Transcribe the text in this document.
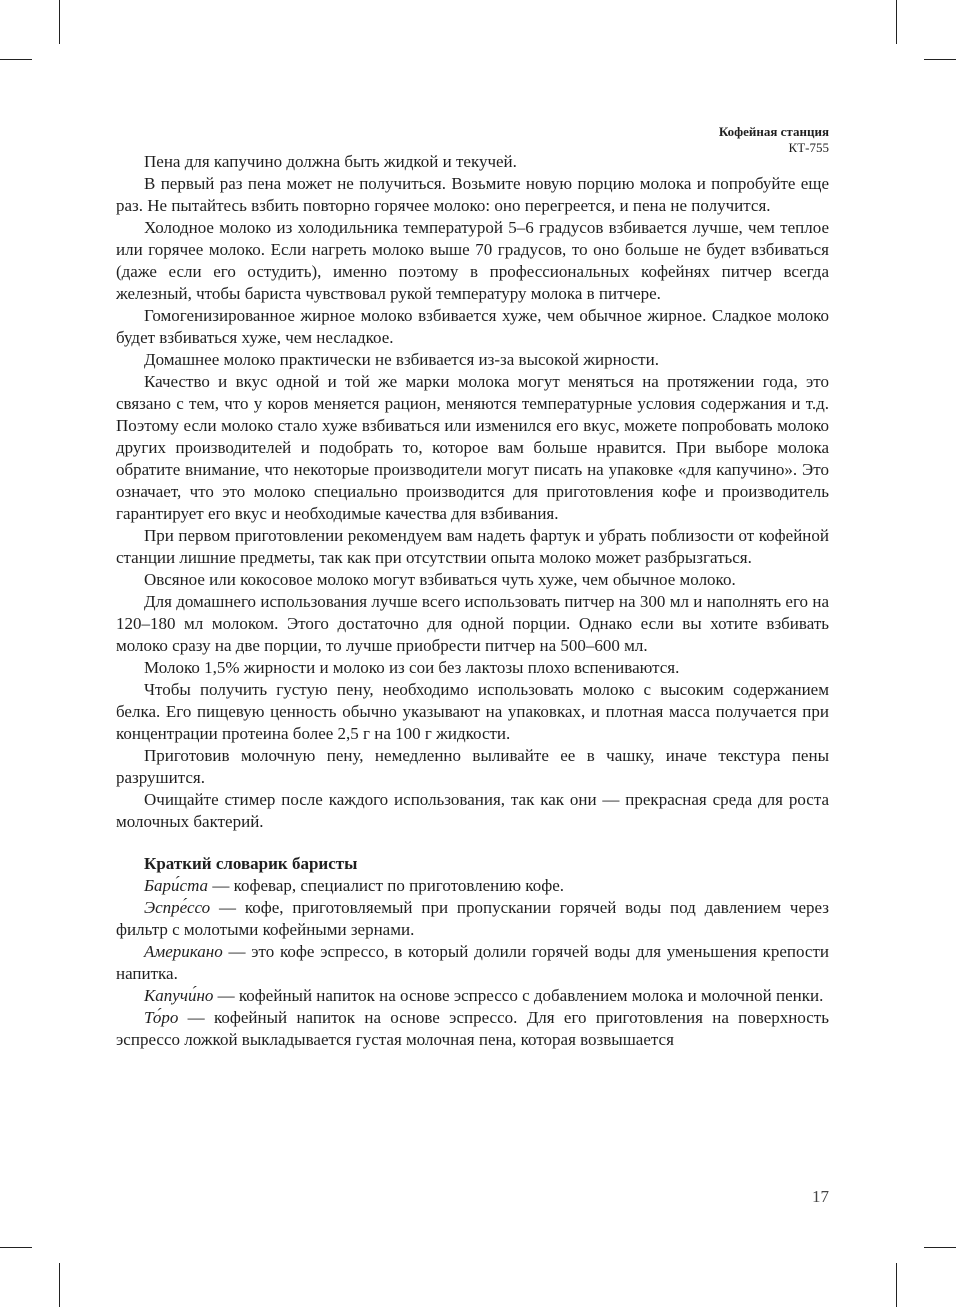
Кофейная станция
КТ-755

Пена для капучино должна быть жидкой и текучей.

В первый раз пена может не получиться. Возьмите новую порцию молока и попробуйте еще раз. Не пытайтесь взбить повторно горячее молоко: оно перегреется, и пена не получится.

Холодное молоко из холодильника температурой 5–6 градусов взбивается лучше, чем теплое или горячее молоко. Если нагреть молоко выше 70 градусов, то оно больше не будет взбиваться (даже если его остудить), именно поэтому в профессиональных кофейнях питчер всегда железный, чтобы бариста чувствовал рукой температуру молока в питчере.

Гомогенизированное жирное молоко взбивается хуже, чем обычное жирное. Сладкое молоко будет взбиваться хуже, чем несладкое.

Домашнее молоко практически не взбивается из-за высокой жирности.

Качество и вкус одной и той же марки молока могут меняться на протяжении года, это связано с тем, что у коров меняется рацион, меняются температурные условия содержания и т.д. Поэтому если молоко стало хуже взбиваться или изменился его вкус, можете попробовать молоко других производителей и подобрать то, которое вам больше нравится. При выборе молока обратите внимание, что некоторые производители могут писать на упаковке «для капучино». Это означает, что это молоко специально производится для приготовления кофе и производитель гарантирует его вкус и необходимые качества для взбивания.

При первом приготовлении рекомендуем вам надеть фартук и убрать поблизости от кофейной станции лишние предметы, так как при отсутствии опыта молоко может разбрызгаться.

Овсяное или кокосовое молоко могут взбиваться чуть хуже, чем обычное молоко.

Для домашнего использования лучше всего использовать питчер на 300 мл и наполнять его на 120–180 мл молоком. Этого достаточно для одной порции. Однако если вы хотите взбивать молоко сразу на две порции, то лучше приобрести питчер на 500–600 мл.

Молоко 1,5% жирности и молоко из сои без лактозы плохо вспениваются.

Чтобы получить густую пену, необходимо использовать молоко с высоким содержанием белка. Его пищевую ценность обычно указывают на упаковках, и плотная масса получается при концентрации протеина более 2,5 г на 100 г жидкости.

Приготовив молочную пену, немедленно выливайте ее в чашку, иначе текстура пены разрушится.

Очищайте стимер после каждого использования, так как они — прекрасная среда для роста молочных бактерий.

Краткий словарик баристы

Бари́ста — кофевар, специалист по приготовлению кофе.

Эспре́ссо — кофе, приготовляемый при пропускании горячей воды под давлением через фильтр с молотыми кофейными зернами.

Американо — это кофе эспрессо, в который долили горячей воды для уменьшения крепости напитка.

Капучи́но — кофейный напиток на основе эспрессо с добавлением молока и молочной пенки.

То́ро — кофейный напиток на основе эспрессо. Для его приготовления на поверхность эспрессо ложкой выкладывается густая молочная пена, которая возвышается

17
